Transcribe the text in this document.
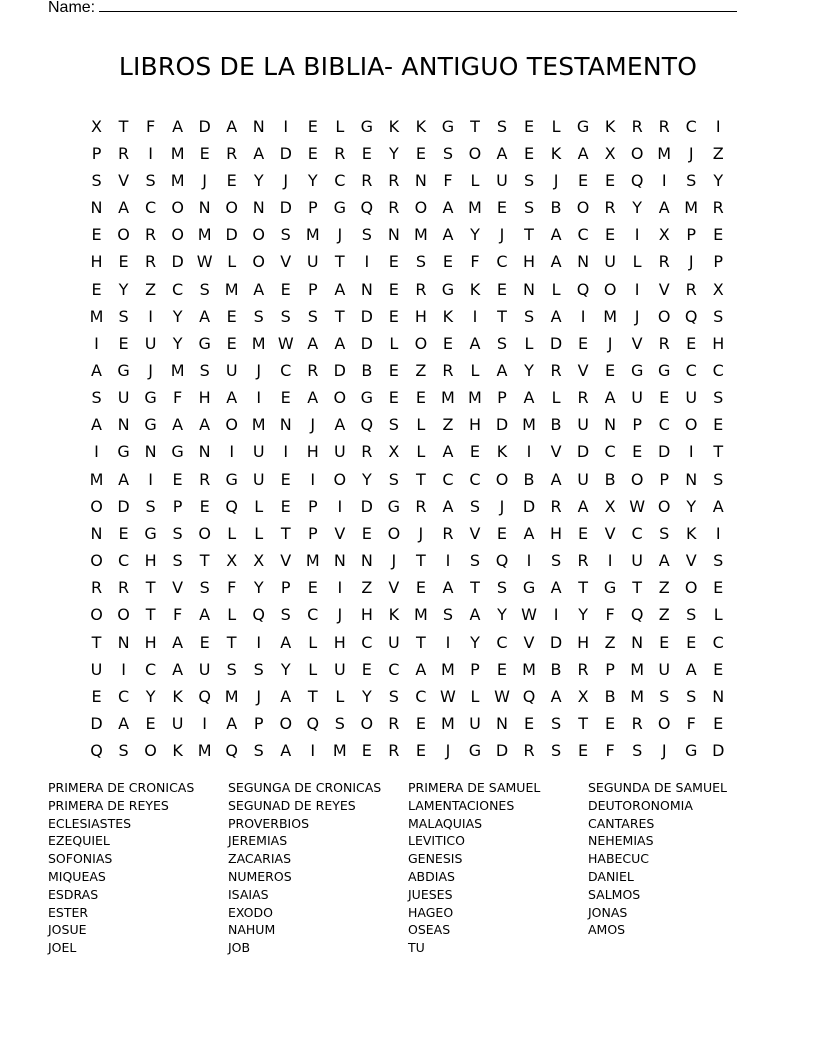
Name:
LIBROS DE LA BIBLIA- ANTIGUO TESTAMENTO
X	T	F	A D A N	I	E	L	G K	K G T	S	E	L	G K	R R C	I
P	R	I	M E	R A D E	R	E	Y	E	S O A	E	K	A	X O M	J	Z
S	V	S M	J	E	Y	J	Y	C R R N	F	L	U	S	J	E	E Q	I	S	Y
N A C O N O N D	P	G Q R O A M E	S	B O R	Y	A M R
E O R O M D O S M	J	S N M A	Y	J	T	A C	E	I	X	P	E
H E	R D W L	O V U	T	I	E	S	E	F	C H A N U	L	R	J	P
E	Y	Z C	S M A	E	P	A N E	R G K	E	N	L	Q O	I	V	R X
M S	I	Y	A	E	S	S	S	T D E H K	I	T	S	A	I	M	J	O Q S
I	E	U	Y G E M W A	A D	L	O E	A	S	L	D E	J	V	R	E H
A G	J	M S	U	J	C R D B	E	Z R	L	A	Y	R V	E G G C C
S	U G	F	H A	I	E	A O G E	E M M P	A	L	R A U	E	U	S
A N G A	A O M N	J	A Q S	L	Z H D M B U N	P	C O E
I	G N G N	I	U	I	H U R X	L	A	E	K	I	V D C	E D	I	T
M A	I	E	R G U	E	I	O Y	S	T	C C O B	A U B O P	N S
O D S	P	E Q	L	E	P	I	D G R A	S	J	D R A	X W O Y	A
N E G S O	L	L	T	P	V	E O	J	R V	E	A H E	V C	S	K	I
O C H S	T	X	X	V M N N	J	T	I	S Q	I	S	R	I	U A	V	S
R R	T	V	S	F	Y	P	E	I	Z	V	E	A	T	S G A	T G T	Z O E
O O T	F	A	L	Q S	C	J	H K M S	A	Y W	I	Y	F	Q Z	S	L
T	N H A	E	T	I	A	L	H C U	T	I	Y	C V D H Z N E	E	C
U	I	C A U	S	S	Y	L	U	E	C A M P	E M B R	P M U A	E
E	C	Y	K Q M	J	A	T	L	Y	S	C W L W Q A	X	B M S	S N
D A	E	U	I	A	P O Q S O R	E M U N E	S	T	E	R O	F	E
Q S O K M Q S	A	I	M E	R	E	J	G D R	S	E	F	S	J	G D
PRIMERA DE CRONICAS	SEGUNGA DE CRONICAS	PRIMERA DE SAMUEL	SEGUNDA DE SAMUEL
PRIMERA DE REYES	SEGUNAD DE REYES	LAMENTACIONES	DEUTORONOMIA
ECLESIASTES	PROVERBIOS	MALAQUIAS	CANTARES
EZEQUIEL	JEREMIAS	LEVITICO	NEHEMIAS
SOFONIAS	ZACARIAS	GENESIS	HABECUC
MIQUEAS	NUMEROS	ABDIAS	DANIEL
ESDRAS	ISAIAS	JUESES	SALMOS
ESTER	EXODO	HAGEO	JONAS
JOSUE	NAHUM	OSEAS	AMOS
JOEL	JOB	TU
